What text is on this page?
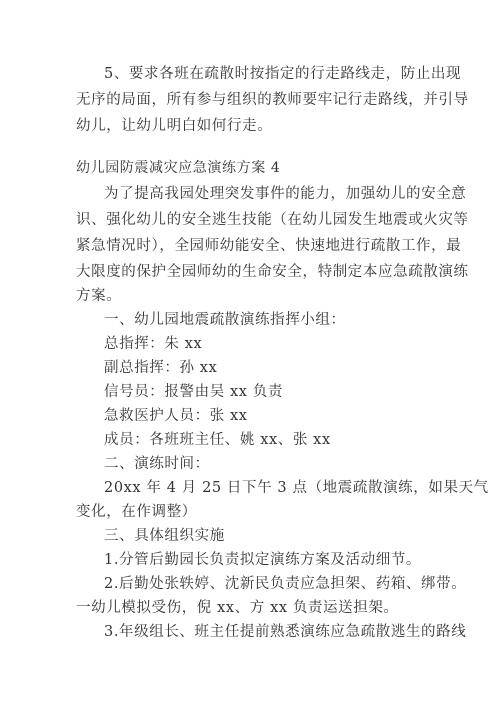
5、要求各班在疏散时按指定的行走路线走，防止出现
无序的局面，所有参与组织的教师要牢记行走路线，并引导
幼儿，让幼儿明白如何行走。
幼儿园防震减灾应急演练方案 4
为了提高我园处理突发事件的能力，加强幼儿的安全意
识、强化幼儿的安全逃生技能（在幼儿园发生地震或火灾等
紧急情况时），全园师幼能安全、快速地进行疏散工作，最
大限度的保护全园师幼的生命安全，特制定本应急疏散演练
方案。
一、幼儿园地震疏散演练指挥小组：
总指挥：朱 xx
副总指挥：孙 xx
信号员：报警由吴 xx 负责
急救医护人员：张 xx
成员：各班班主任、姚 xx、张 xx
二、演练时间：
20xx 年 4 月 25 日下午 3 点（地震疏散演练，如果天气
变化，在作调整）
三、具体组织实施
1.分管后勤园长负责拟定演练方案及活动细节。
2.后勤处张轶婷、沈新民负责应急担架、药箱、绑带。
一幼儿模拟受伤，倪 xx、方 xx 负责运送担架。
3.年级组长、班主任提前熟悉演练应急疏散逃生的路线
